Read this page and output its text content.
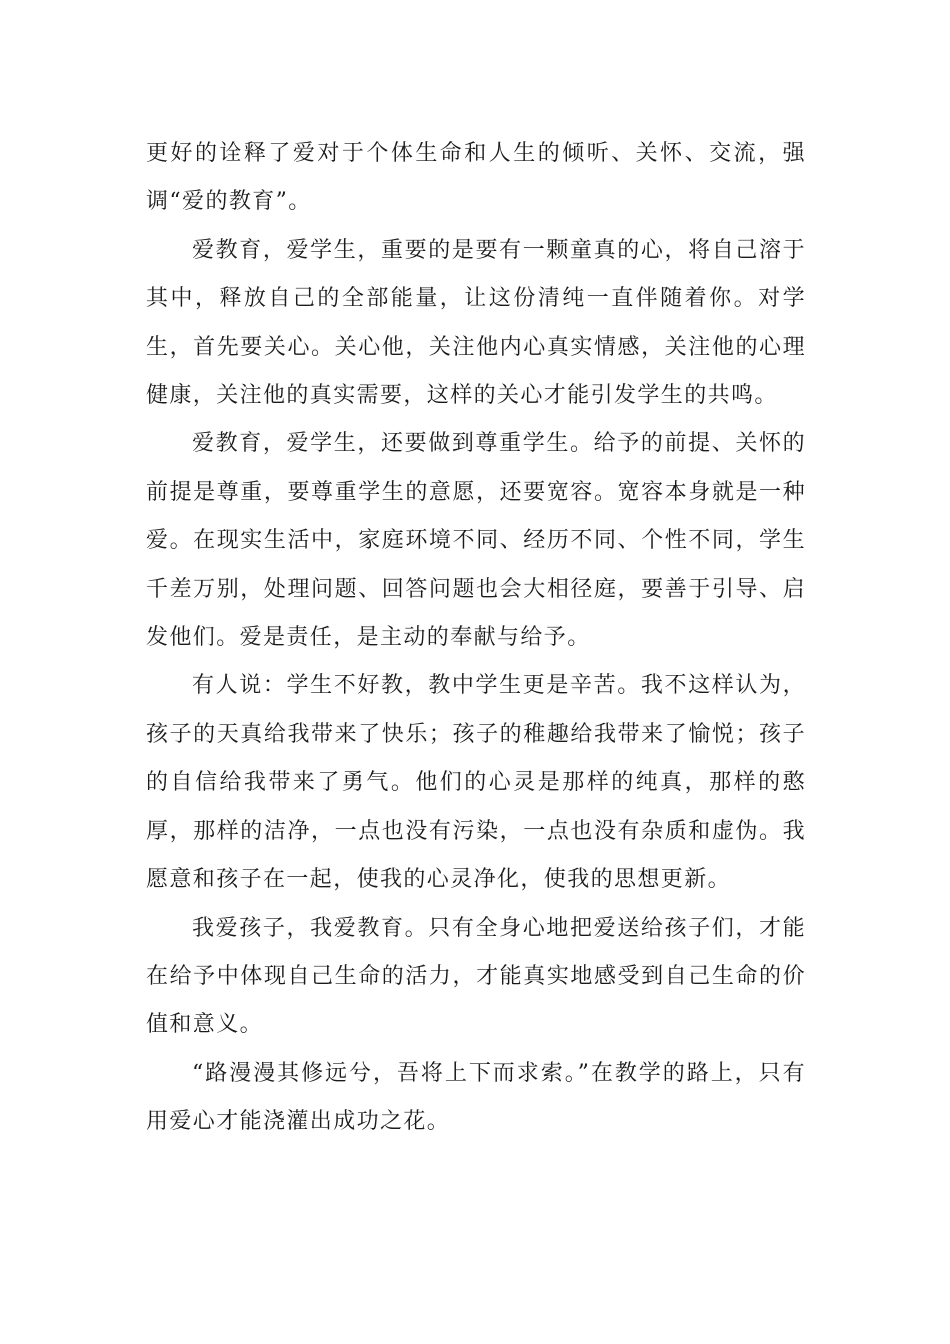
更好的诠释了爱对于个体生命和人生的倾听、关怀、交流，强调“爱的教育”。

爱教育，爱学生，重要的是要有一颗童真的心，将自己溶于其中，释放自己的全部能量，让这份清纯一直伴随着你。对学生，首先要关心。关心他，关注他内心真实情感，关注他的心理健康，关注他的真实需要，这样的关心才能引发学生的共鸣。

爱教育，爱学生，还要做到尊重学生。给予的前提、关怀的前提是尊重，要尊重学生的意愿，还要宽容。宽容本身就是一种爱。在现实生活中，家庭环境不同、经历不同、个性不同，学生千差万别，处理问题、回答问题也会大相径庭，要善于引导、启发他们。爱是责任，是主动的奉献与给予。

有人说：学生不好教，教中学生更是辛苦。我不这样认为，孩子的天真给我带来了快乐；孩子的稚趣给我带来了愉悦；孩子的自信给我带来了勇气。他们的心灵是那样的纯真，那样的憨厚，那样的洁净，一点也没有污染，一点也没有杂质和虚伪。我愿意和孩子在一起，使我的心灵净化，使我的思想更新。

我爱孩子，我爱教育。只有全身心地把爱送给孩子们，才能在给予中体现自己生命的活力，才能真实地感受到自己生命的价值和意义。

“路漫漫其修远兮，吾将上下而求索。”在教学的路上，只有用爱心才能浇灌出成功之花。
